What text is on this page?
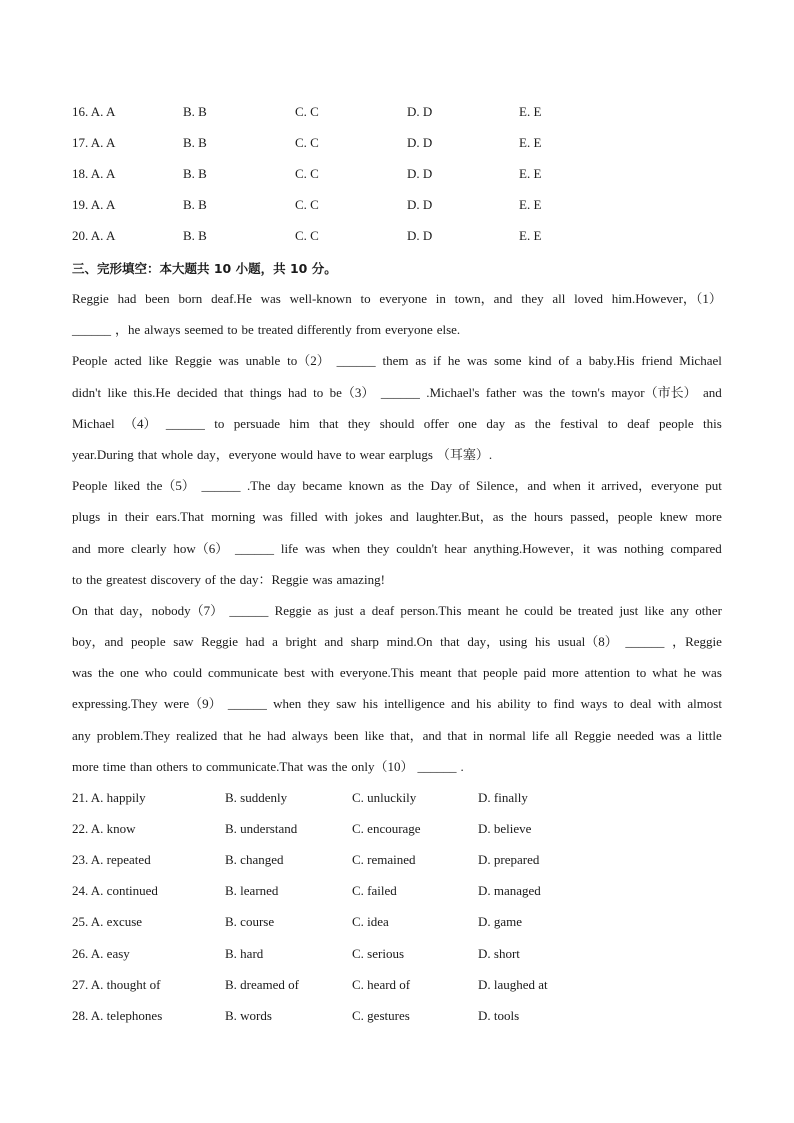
16. A. A	B. B	C. C	D. D	E. E
17. A. A	B. B	C. C	D. D	E. E
18. A. A	B. B	C. C	D. D	E. E
19. A. A	B. B	C. C	D. D	E. E
20. A. A	B. B	C. C	D. D	E. E
三、完形填空：本大题共 10 小题，共 10 分。
Reggie had been born deaf.He was well-known to everyone in town，and they all loved him.However，（1）
______ ，he always seemed to be treated differently from everyone else.
People acted like Reggie was unable to（2） ______ them as if he was some kind of a baby.His friend Michael
didn't like this.He decided that things had to be（3） ______ .Michael's father was the town's mayor（市长） and
Michael （4） ______ to persuade him that they should offer one day as the festival to deaf people this
year.During that whole day，everyone would have to wear earplugs （耳塞）.
People liked the（5） ______ .The day became known as the Day of Silence，and when it arrived，everyone put
plugs in their ears.That morning was filled with jokes and laughter.But，as the hours passed，people knew more
and more clearly how（6） ______ life was when they couldn't hear anything.However，it was nothing compared
to the greatest discovery of the day：Reggie was amazing!
On that day，nobody（7） ______ Reggie as just a deaf person.This meant he could be treated just like any other
boy，and people saw Reggie had a bright and sharp mind.On that day，using his usual（8） ______ ，Reggie
was the one who could communicate best with everyone.This meant that people paid more attention to what he was
expressing.They were（9） ______ when they saw his intelligence and his ability to find ways to deal with almost
any problem.They realized that he had always been like that，and that in normal life all Reggie needed was a little
more time than others to communicate.That was the only（10） ______ .
21. A. happily	B. suddenly	C. unluckily	D. finally
22. A. know	B. understand	C. encourage	D. believe
23. A. repeated	B. changed	C. remained	D. prepared
24. A. continued	B. learned	C. failed	D. managed
25. A. excuse	B. course	C. idea	D. game
26. A. easy	B. hard	C. serious	D. short
27. A. thought of	B. dreamed of	C. heard of	D. laughed at
28. A. telephones	B. words	C. gestures	D. tools
